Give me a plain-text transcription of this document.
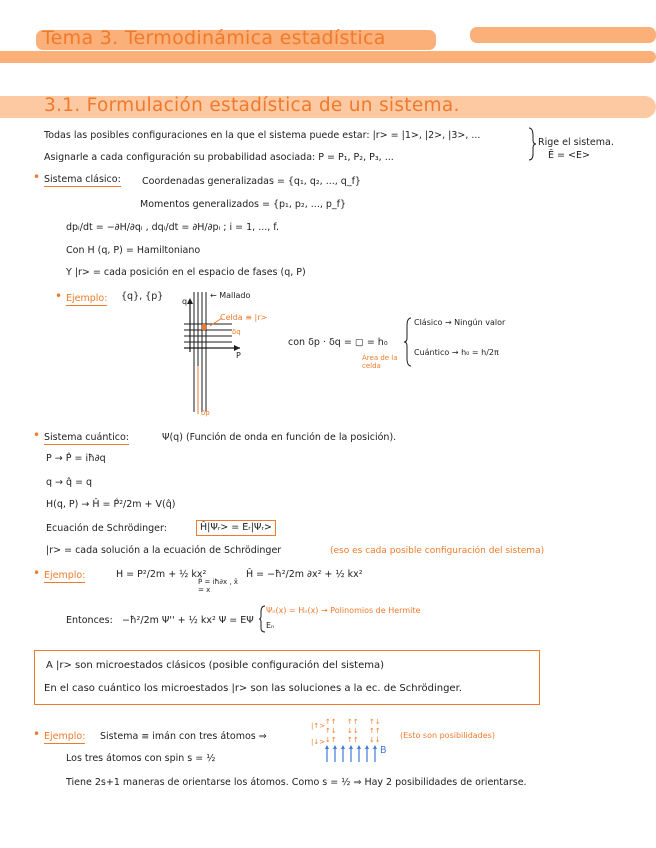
Tema 3. Termodinámica estadística
3.1. Formulación estadística de un sistema.
Todas las posibles configuraciones en la que el sistema puede estar: |r> = |1>, |2>, |3>, ...
Asignarle a cada configuración su probabilidad asociada: P = P₁, P₂, P₃, ...
Rige el sistema.
Ē = <E>
• Sistema clásico: Coordenadas generalizadas = {q₁, q₂, ..., q_f}
Momentos generalizados = {p₁, p₂, ..., p_f}
dpᵢ/dt = −∂H/∂qᵢ , dqᵢ/dt = ∂H/∂pᵢ ; i = 1, ..., f.
Con H (q, P) = Hamiltoniano
Y |r> = cada posición en el espacio de fases (q, P)
• Ejemplo: {q}, {p}	← Mallado
Celda ≡ |r>
δq
q
P
δp
con δp · δq = ▢ = h₀
Área de la celda
Clásico → Ningún valor
Cuántico → h₀ = h/2π
• Sistema cuántico:	Ψ(q) (Función de onda en función de la posición).
P → P̂ = iħ∂q
q → q̂ = q
H(q, P) → Ĥ = P̂²/2m + V(q̂)
Ecuación de Schrödinger:	Ĥ|Ψᵣ> = Eᵣ|Ψᵣ>
|r> = cada solución a la ecuación de Schrödinger	(eso es cada posible configuración del sistema)
• Ejemplo:	H = P²/2m + ½ kx²
P̂ = iħ∂x , x̂ = x
Ĥ = −ħ²/2m ∂x² + ½ kx²
Entonces: −ħ²/2m Ψ'' + ½ kx² Ψ = EΨ
Ψₙ(x) = Hₙ(x) → Polinomios de Hermite
Eₙ
A |r> son microestados clásicos (posible configuración del sistema)
En el caso cuántico los microestados |r> son las soluciones a la ec. de Schrödinger.
• Ejemplo: Sistema ≡ imán con tres átomos ⇒
|↑>
|↓>
↑↑
↑↓
↓↑
↑↑
↓↓
↑↑
↑↓
↑↑
↓↓
B
(Esto son posibilidades)
Los tres átomos con spin s = ½
Tiene 2s+1 maneras de orientarse los átomos. Como s = ½ ⇒ Hay 2 posibilidades de orientarse.
